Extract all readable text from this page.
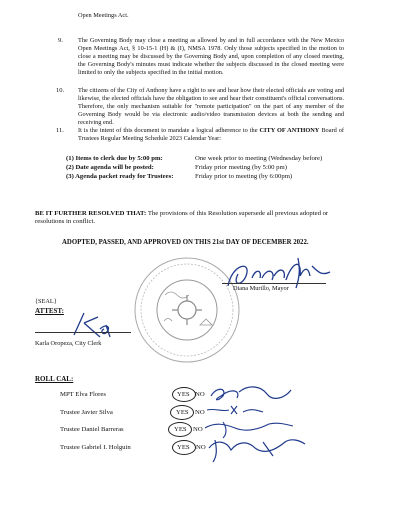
Open Meetings Act.
9. The Governing Body may close a meeting as allowed by and in full accordance with the New Mexico Open Meetings Act, § 10-15-1 (H) & (I), NMSA 1978. Only those subjects specified in the motion to close a meeting may be discussed by the Governing Body and, upon completion of any closed meeting, the Governing Body's minutes must indicate whether the subjects discussed in the closed meeting were limited to only the subjects specified in the initial motion.
10. The citizens of the City of Anthony have a right to see and hear how their elected officials are voting and likewise, the elected officials have the obligation to see and hear their constituent's official conversations. Therefore, the only mechanism suitable for "remote participation" on the part of any member of the Governing Body would be via electronic audio/video transmission devices at both the sending and receiving end.
11. It is the intent of this document to mandate a logical adherence to the CITY OF ANTHONY Board of Trustees Regular Meeting Schedule 2023 Calendar Year:
(1) Items to clerk due by 5:00 pm:	One week prior to meeting (Wednesday before)
(2) Date agenda will be posted:	Friday prior meeting (by 5:00 pm)
(3) Agenda packet ready for Trustees:	Friday prior to meeting (by 6:00pm)
BE IT FURTHER RESOLVED THAT: The provisions of this Resolution supersede all previous adopted or resolutions in conflict.
ADOPTED, PASSED, AND APPROVED ON THIS 21st DAY OF DECEMBER 2022.
Diana Murillo, Mayor
{SEAL}
ATTEST:
Karla Oropeza, City Clerk
ROLL CAL:
MPT Elva Flores	YES NO
Trustee Javier Silva	YES NO
Trustee Daniel Barreras	YES NO
Trustee Gabriel I. Holguin	YES NO
